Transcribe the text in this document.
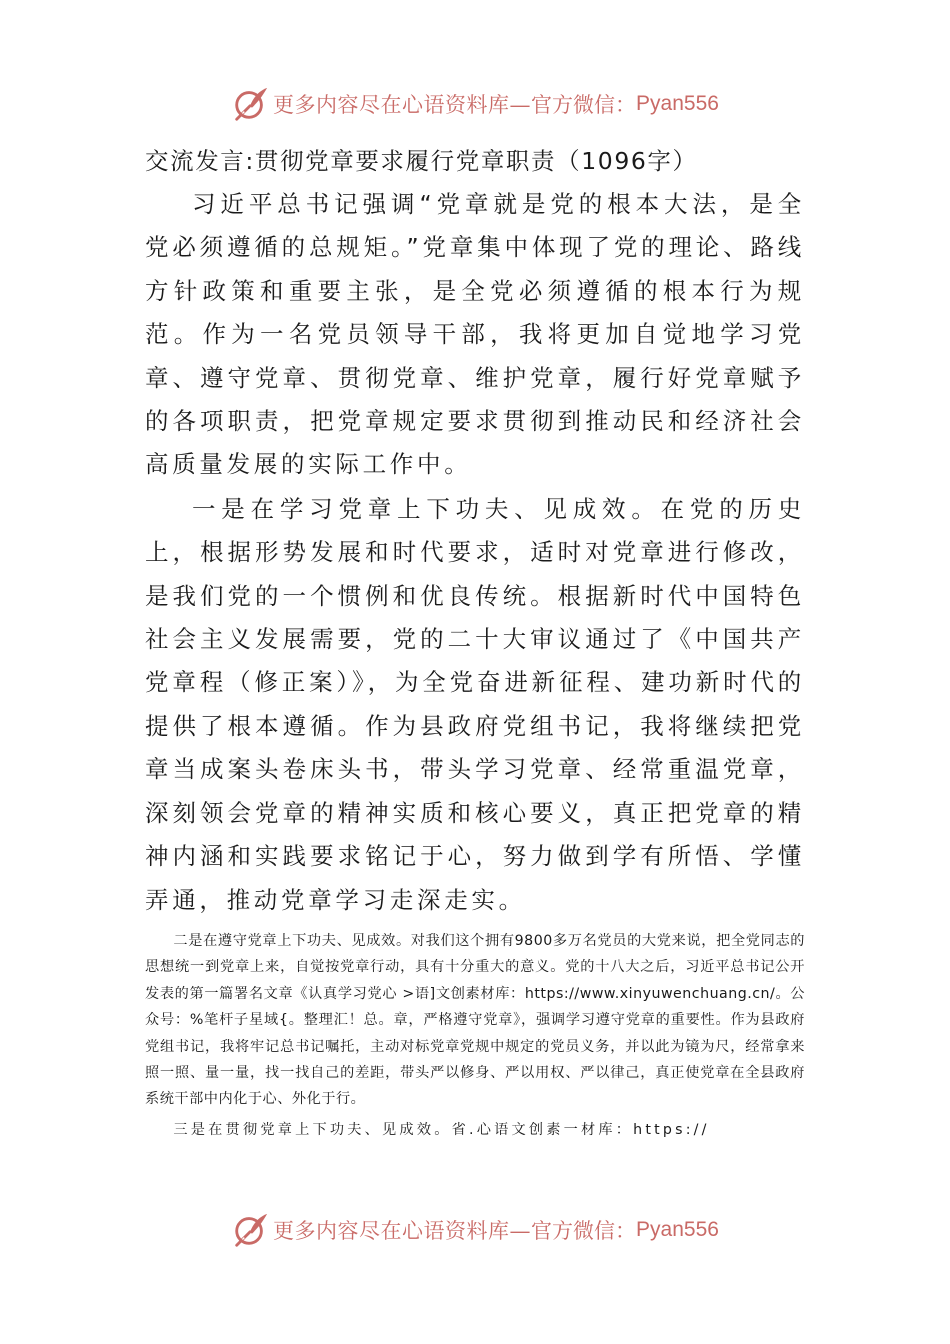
更多内容尽在心语资料库— 官方微信： Pyan556
交流发言:贯彻党章要求履行党章职责（1096字）

习近平总书记强调“党章就是党的根本大法，是全党必须遵循的总规矩。”党章集中体现了党的理论、路线方针政策和重要主张，是全党必须遵循的根本行为规范。作为一名党员领导干部，我将更加自觉地学习党章、遵守党章、贯彻党章、维护党章，履行好党章赋予的各项职责，把党章规定要求贯彻到推动民和经济社会高质量发展的实际工作中。

一是在学习党章上下功夫、见成效。在党的历史上，根据形势发展和时代要求，适时对党章进行修改，是我们党的一个惯例和优良传统。根据新时代中国特色社会主义发展需要，党的二十大审议通过了《中国共产党章程（修正案）》，为全党奋进新征程、建功新时代的提供了根本遵循。作为县政府党组书记，我将继续把党章当成案头卷床头书，带头学习党章、经常重温党章，深刻领会党章的精神实质和核心要义，真正把党章的精神内涵和实践要求铭记于心，努力做到学有所悟、学懂弄通，推动党章学习走深走实。

二是在遵守党章上下功夫、见成效。对我们这个拥有9800多万名党员的大党来说，把全党同志的思想统一到党章上来，自觉按党章行动，具有十分重大的意义。党的十八大之后，习近平总书记公开发表的第一篇署名文章《认真学习党心 >语]文创素材库：https://www.xinyuwenchuang.cn/。公众号：%笔杆子星域{。整理汇！总。章，严格遵守党章》，强调学习遵守党章的重要性。作为县政府党组书记，我将牢记总书记嘱托，主动对标党章党规中规定的党员义务，并以此为镜为尺，经常拿来照一照、量一量，找一找自己的差距，带头严以修身、严以用权、严以律己，真正使党章在全县政府系统干部中内化于心、外化于行。

三是在贯彻党章上下功夫、见成效。省.心语文创素一材库：https://

更多内容尽在心语资料库— 官方微信： Pyan556
